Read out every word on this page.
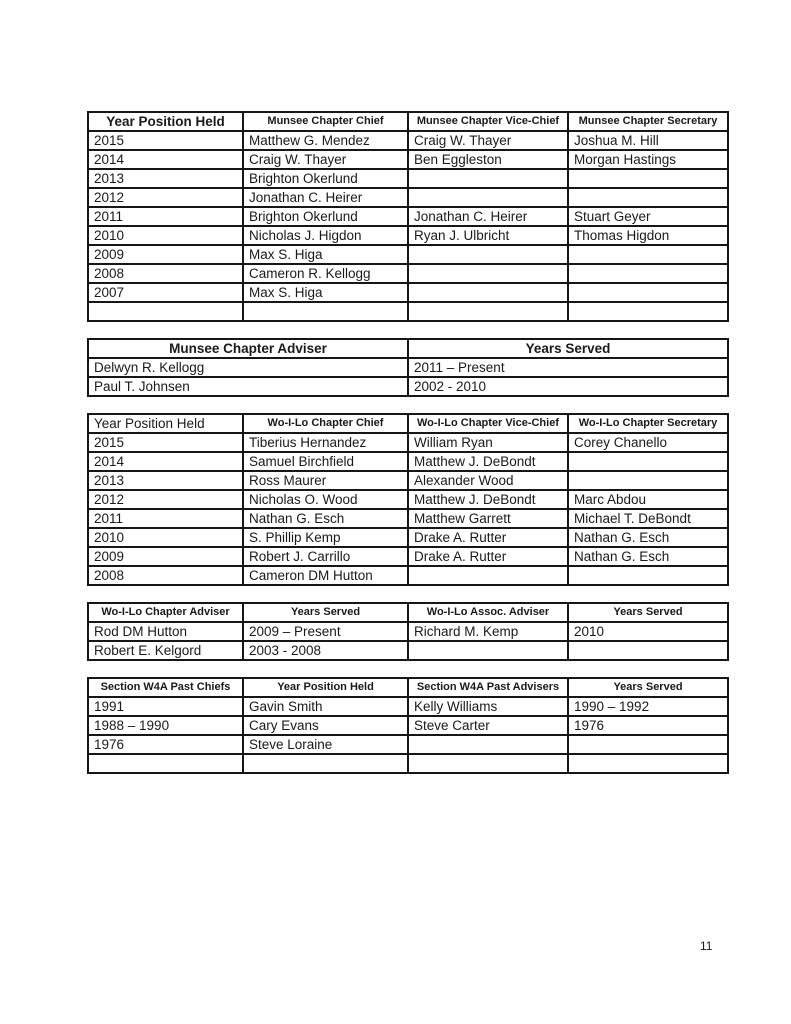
Year Position Held	Munsee Chapter Chief	Munsee Chapter Vice-Chief	Munsee Chapter Secretary
2015	Matthew G. Mendez	Craig W. Thayer	Joshua M. Hill
2014	Craig W. Thayer	Ben Eggleston	Morgan Hastings
2013	Brighton Okerlund		
2012	Jonathan C. Heirer		
2011	Brighton Okerlund	Jonathan C. Heirer	Stuart Geyer
2010	Nicholas J. Higdon	Ryan J. Ulbricht	Thomas Higdon
2009	Max S. Higa		
2008	Cameron R. Kellogg		
2007	Max S. Higa		

Munsee Chapter Adviser	Years Served
Delwyn R. Kellogg	2011 – Present
Paul T. Johnsen	2002 - 2010
Year Position Held	Wo-I-Lo Chapter Chief	Wo-I-Lo Chapter Vice-Chief	Wo-I-Lo Chapter Secretary
2015	Tiberius Hernandez	William Ryan	Corey Chanello
2014	Samuel Birchfield	Matthew J. DeBondt	
2013	Ross Maurer	Alexander Wood	
2012	Nicholas O. Wood	Matthew J. DeBondt	Marc Abdou
2011	Nathan G. Esch	Matthew Garrett	Michael T. DeBondt
2010	S. Phillip Kemp	Drake A. Rutter	Nathan G. Esch
2009	Robert J. Carrillo	Drake A. Rutter	Nathan G. Esch
2008	Cameron DM Hutton		
Wo-I-Lo Chapter Adviser	Years Served	Wo-I-Lo Assoc. Adviser	Years Served
Rod DM Hutton	2009 – Present	Richard M. Kemp	2010
Robert E. Kelgord	2003 - 2008		
Section W4A Past Chiefs	Year Position Held	Section W4A Past Advisers	Years Served
1991	Gavin Smith	Kelly Williams	1990 – 1992
1988 – 1990	Cary Evans	Steve Carter	1976
1976	Steve Loraine		

11
